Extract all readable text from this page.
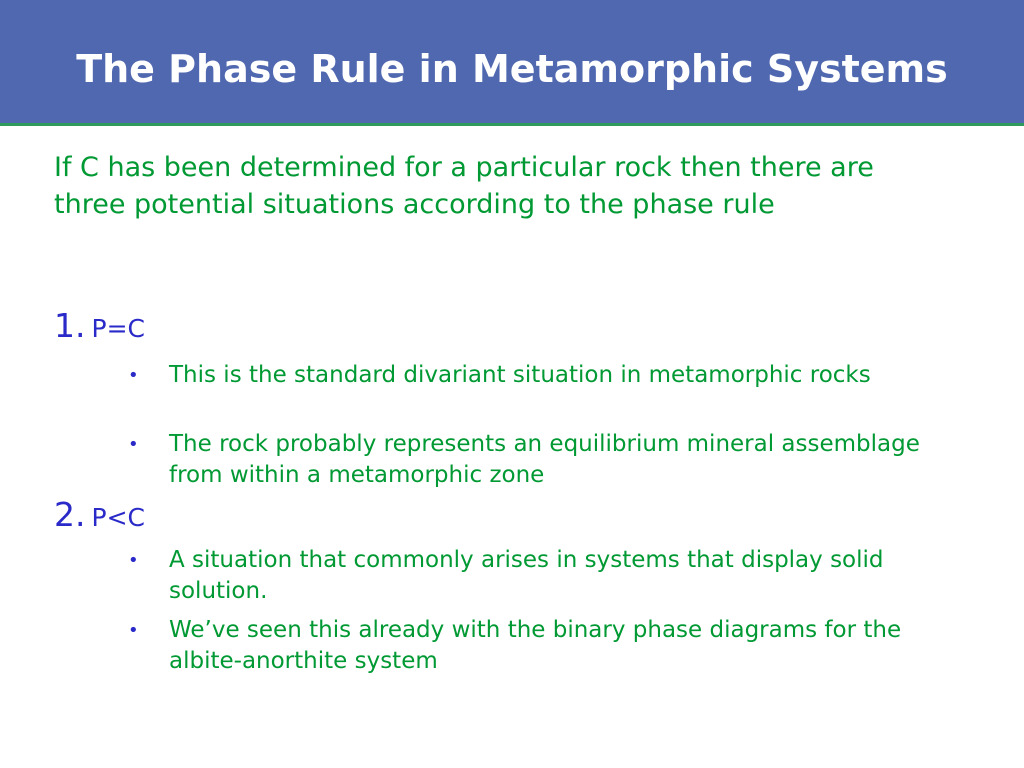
The Phase Rule in Metamorphic Systems
If C has been determined for a particular rock then there are three potential situations according to the phase rule
1. P=C
• This is the standard divariant situation in metamorphic rocks
• The rock probably represents an equilibrium mineral assemblage from within a metamorphic zone
2. P<C
• A situation that commonly arises in systems that display solid solution.
• We’ve seen this already with the binary phase diagrams for the albite-anorthite system
